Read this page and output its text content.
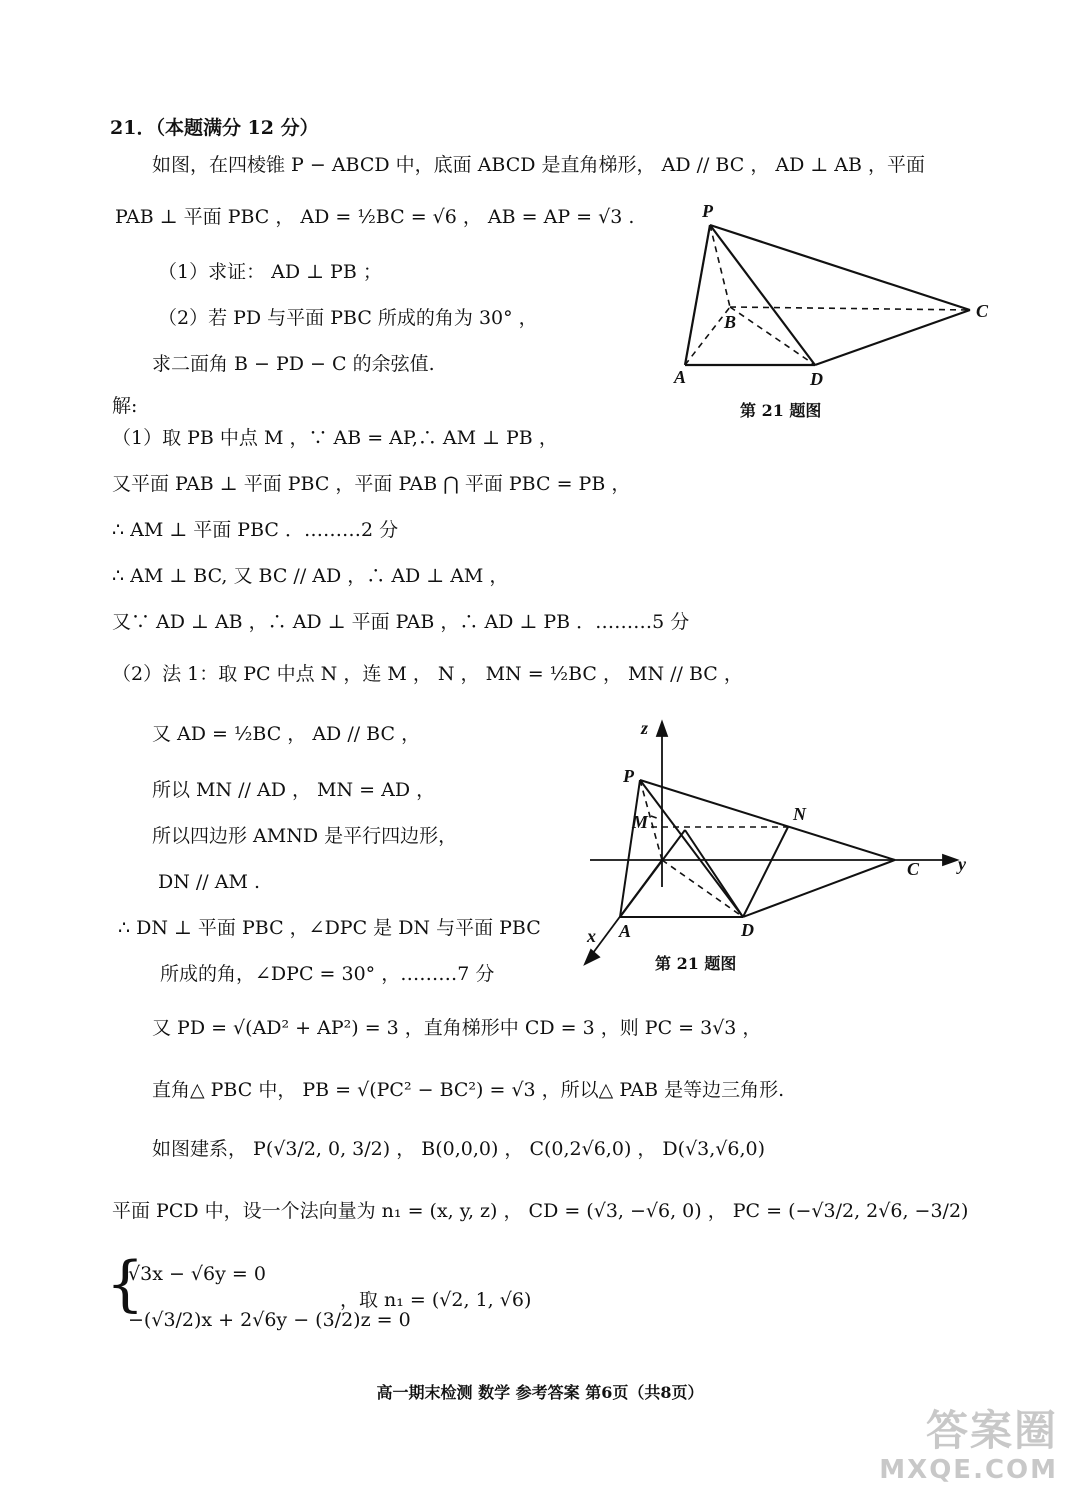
21．（本题满分 12 分）

如图，在四棱锥 P − ABCD 中，底面 ABCD 是直角梯形， AD // BC ， AD ⊥ AB ，平面

PAB ⊥ 平面 PBC ， AD = ½BC = √6 ， AB = AP = √3 .

（1）求证： AD ⊥ PB ；

（2）若 PD 与平面 PBC 所成的角为 30° ，

求二面角 B − PD − C 的余弦值.

P
B
C
A	D
第 21 题图

解:

（1）取 PB 中点 M ，∵ AB = AP,∴ AM ⊥ PB ，

又平面 PAB ⊥ 平面 PBC ，平面 PAB ⋂ 平面 PBC = PB ，

∴ AM ⊥ 平面 PBC ．………2 分

∴ AM ⊥ BC, 又 BC // AD ，∴ AD ⊥ AM ，

又∵ AD ⊥ AB ，∴ AD ⊥ 平面 PAB ，∴ AD ⊥ PB ．………5 分

（2）法 1：取 PC 中点 N ，连 M ， N ， MN = ½BC ， MN // BC ，

又 AD = ½BC ， AD // BC ，

所以 MN // AD ， MN = AD ，

所以四边形 AMND 是平行四边形，

DN // AM .

∴ DN ⊥ 平面 PBC ，∠DPC 是 DN 与平面 PBC

所成的角，∠DPC = 30° ，………7 分

又 PD = √(AD² + AP²) = 3 ，直角梯形中 CD = 3 ，则 PC = 3√3 ，

直角△ PBC 中， PB = √(PC² − BC²) = √3 ，所以△ PAB 是等边三角形.

如图建系， P(√3/2, 0, 3/2) ， B(0,0,0) ， C(0,2√6,0) ， D(√3,√6,0)

平面 PCD 中，设一个法向量为 n₁ = (x, y, z) ， CD = (√3, −√6, 0) ， PC = (−√3/2, 2√6, −3/2)

z
P
M	N
C y
x A	D
第 21 题图
{

√3x − √6y = 0

−(√3/2)x + 2√6y − (3/2)z = 0

，取 n₁ = (√2, 1, √6)

高一期末检测 数学 参考答案 第6页（共8页）
答案圈
MXQE.COM
